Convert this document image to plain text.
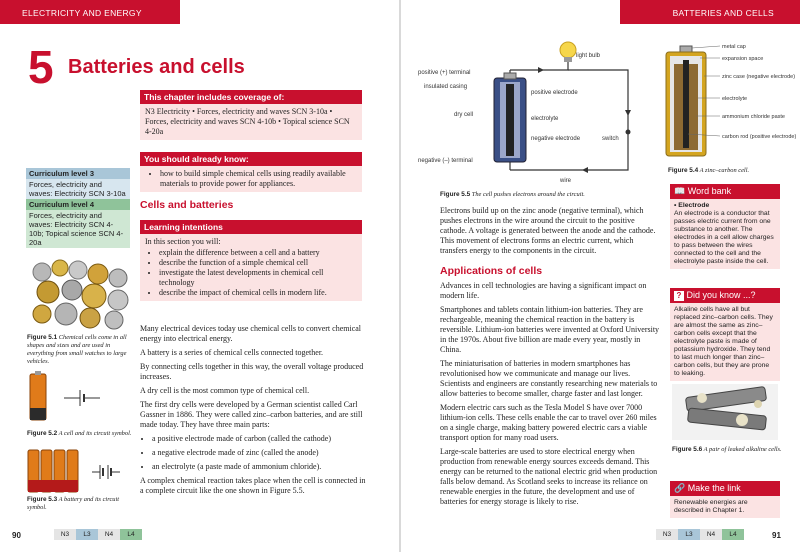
ELECTRICITY AND ENERGY	BATTERIES AND CELLS
5 Batteries and cells
This chapter includes coverage of:
N3 Electricity • Forces, electricity and waves SCN 3-10a • Forces, electricity and waves SCN 4-10b • Topical science SCN 4-20a
You should already know:
• how to build simple chemical cells using readily available materials to provide power for appliances.
Curriculum level 3
Forces, electricity and waves: Electricity SCN 3-10a
Curriculum level 4
Forces, electricity and waves: Electricity SCN 4-10b; Topical science SCN 4-20a
Cells and batteries
Learning intentions
In this section you will:
• explain the difference between a cell and a battery
• describe the function of a simple chemical cell
• investigate the latest developments in chemical cell technology
• describe the impact of chemical cells in modern life.
Figure 5.1 Chemical cells come in all shapes and sizes and are used in everything from small watches to large vehicles.
Figure 5.2 A cell and its circuit symbol.
Figure 5.3 A battery and its circuit symbol.

Many electrical devices today use chemical cells to convert chemical energy into electrical energy.

A battery is a series of chemical cells connected together.

By connecting cells together in this way, the overall voltage produced increases.

A dry cell is the most common type of chemical cell.

The first dry cells were developed by a German scientist called Carl Gassner in 1886. They were called zinc–carbon batteries, and are still made today. They have three main parts:

• a positive electrode made of carbon (called the cathode)
• a negative electrode made of zinc (called the anode)
• an electrolyte (a paste made of ammonium chloride).

A complex chemical reaction takes place when the cell is connected in a complete circuit like the one shown in Figure 5.5.

90	N3 L3 N4 L4
light bulb
positive (+) terminal
insulated casing
dry cell
negative (–) terminal
positive electrode
electrolyte
negative electrode	switch
wire
Figure 5.5 The cell pushes electrons around the circuit.
metal cap
expansion space
zinc case (negative electrode)
electrolyte
ammonium chloride paste
carbon rod (positive electrode)
Figure 5.4 A zinc–carbon cell.
Electrons build up on the zinc anode (negative terminal), which pushes electrons in the wire around the circuit to the positive cathode. A voltage is generated between the anode and the cathode. This movement of electrons forms an electric current, which transfers energy to the components in the circuit.
Applications of cells

Advances in cell technologies are having a significant impact on modern life.

Smartphones and tablets contain lithium-ion batteries. They are rechargeable, meaning the chemical reaction in the battery is reversible. Lithium-ion batteries were invented at Oxford University in the 1970s. About five billion are made every year, mostly in China.

The miniaturisation of batteries in modern smartphones has revolutionised how we communicate and manage our lives. Scientists and engineers are constantly researching new materials to allow batteries to become smaller, charge faster and last longer.

Modern electric cars such as the Tesla Model S have over 7000 lithium-ion cells. These cells enable the car to travel over 260 miles on a single charge, making battery powered electric cars a viable transport option for many road users.

Large-scale batteries are used to store electrical energy when production from renewable energy sources exceeds demand. This energy can be returned to the national electric grid when production falls below demand. As Scotland seeks to increase its reliance on renewable energies in the future, the development and use of batteries for energy storage is likely to rise.

📖 Word bank
• Electrode
An electrode is a conductor that passes electric current from one substance to another. The electrodes in a cell allow charges to pass between the wires connected to the cell and the electrolyte paste inside the cell.
? Did you know ...?
Alkaline cells have all but replaced zinc–carbon cells. They are almost the same as zinc–carbon cells except that the electrolyte paste is made of potassium hydroxide. They tend to last much longer than zinc–carbon cells, but they are prone to leaking.
Figure 5.6 A pair of leaked alkaline cells.
🔗 Make the link
Renewable energies are described in Chapter 1.
N3 L3 N4 L4	91
